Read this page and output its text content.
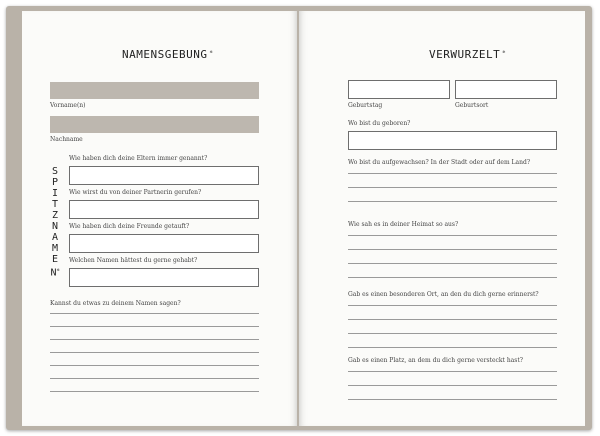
NAMENSGEBUNG ✲
Vorname(n)
Nachname
S
P
I
T
Z
N
A
M
E
N✲
Wie haben dich deine Eltern immer genannt?
Wie wirst du von deiner Partnerin gerufen?
Wie haben dich deine Freunde getauft?
Welchen Namen hättest du gerne gehabt?
Kannst du etwas zu deinem Namen sagen?
VERWURZELT ✲
Geburtstag	Geburtsort
Wo bist du geboren?
Wo bist du aufgewachsen? In der Stadt oder auf dem Land?
Wie sah es in deiner Heimat so aus?
Gab es einen besonderen Ort, an den du dich gerne erinnerst?
Gab es einen Platz, an dem du dich gerne versteckt hast?
